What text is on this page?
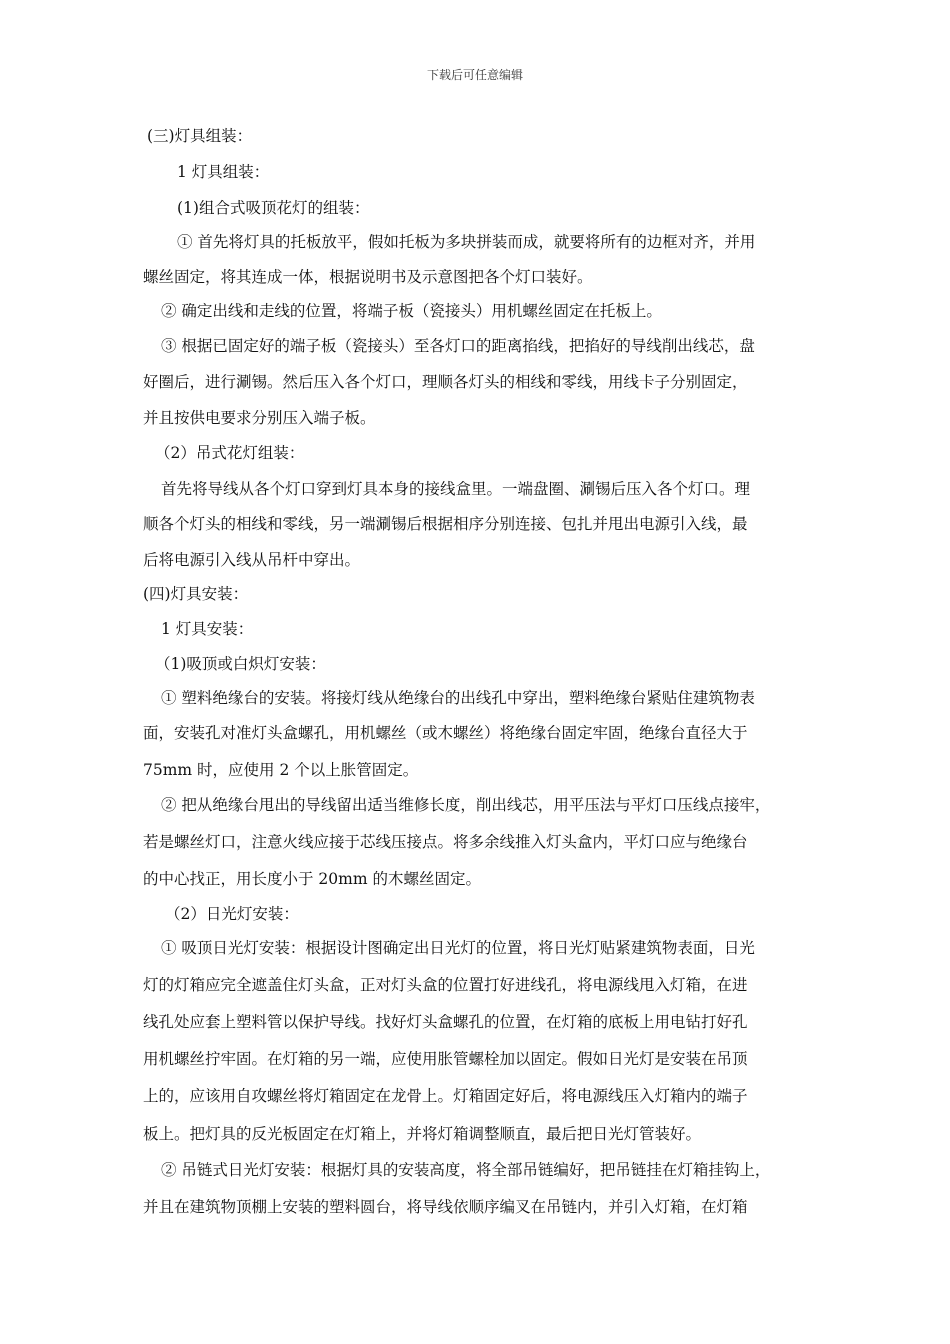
下载后可任意编辑

(三)灯具组装：

1 灯具组装：

(1)组合式吸顶花灯的组装：

① 首先将灯具的托板放平，假如托板为多块拼装而成，就要将所有的边框对齐，并用

螺丝固定，将其连成一体，根据说明书及示意图把各个灯口装好。

② 确定出线和走线的位置，将端子板（瓷接头）用机螺丝固定在托板上。

③ 根据已固定好的端子板（瓷接头）至各灯口的距离掐线，把掐好的导线削出线芯，盘

好圈后，进行涮锡。然后压入各个灯口，理顺各灯头的相线和零线，用线卡子分别固定，

并且按供电要求分别压入端子板。

（2）吊式花灯组装：

首先将导线从各个灯口穿到灯具本身的接线盒里。一端盘圈、涮锡后压入各个灯口。理

顺各个灯头的相线和零线，另一端涮锡后根据相序分别连接、包扎并甩出电源引入线，最

后将电源引入线从吊杆中穿出。

(四)灯具安装：

1 灯具安装：

（1)吸顶或白炽灯安装：

① 塑料绝缘台的安装。将接灯线从绝缘台的出线孔中穿出，塑料绝缘台紧贴住建筑物表

面，安装孔对准灯头盒螺孔，用机螺丝（或木螺丝）将绝缘台固定牢固，绝缘台直径大于

75mm 时，应使用 2 个以上胀管固定。

② 把从绝缘台甩出的导线留出适当维修长度，削出线芯，用平压法与平灯口压线点接牢，

若是螺丝灯口，注意火线应接于芯线压接点。将多余线推入灯头盒内，平灯口应与绝缘台

的中心找正，用长度小于 20mm 的木螺丝固定。

（2）日光灯安装：

① 吸顶日光灯安装：根据设计图确定出日光灯的位置，将日光灯贴紧建筑物表面，日光

灯的灯箱应完全遮盖住灯头盒，正对灯头盒的位置打好进线孔，将电源线甩入灯箱，在进

线孔处应套上塑料管以保护导线。找好灯头盒螺孔的位置，在灯箱的底板上用电钻打好孔

用机螺丝拧牢固。在灯箱的另一端，应使用胀管螺栓加以固定。假如日光灯是安装在吊顶

上的，应该用自攻螺丝将灯箱固定在龙骨上。灯箱固定好后，将电源线压入灯箱内的端子

板上。把灯具的反光板固定在灯箱上，并将灯箱调整顺直，最后把日光灯管装好。

② 吊链式日光灯安装：根据灯具的安装高度，将全部吊链编好，把吊链挂在灯箱挂钩上，

并且在建筑物顶棚上安装的塑料圆台，将导线依顺序编叉在吊链内，并引入灯箱，在灯箱
